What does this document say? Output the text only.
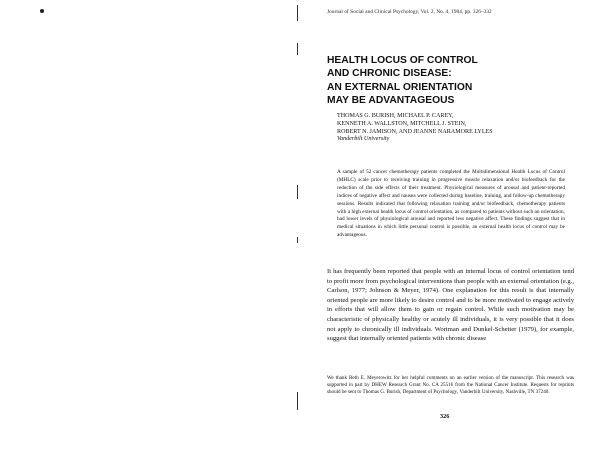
Journal of Social and Clinical Psychology, Vol. 2, No. 4, 1984, pp. 326–332
HEALTH LOCUS OF CONTROL
AND CHRONIC DISEASE:
AN EXTERNAL ORIENTATION
MAY BE ADVANTAGEOUS
THOMAS G. BURISH, MICHAEL P. CAREY,
KENNETH A. WALLSTON, MITCHELL J. STEIN,
ROBERT N. JAMISON, AND JEANNE NARAMORE LYLES
Vanderbilt University

A sample of 52 cancer chemotherapy patients completed the Multidimensional Health Locus of Control (MHLC) scale prior to receiving training in progressive muscle relaxation and/or biofeedback for the reduction of the side effects of their treatment. Physiological measures of arousal and patient-reported indices of negative affect and nausea were collected during baseline, training, and follow-up chemotherapy sessions. Results indicated that following relaxation training and/or biofeedback, chemotherapy patients with a high external health locus of control orientation, as compared to patients without such an orientation, had lower levels of physiological arousal and reported less negative affect. These findings suggest that in medical situations in which little personal control is possible, an external health locus of control may be advantageous.

It has frequently been reported that people with an internal locus of control orientation tend to profit more from psychological interventions than people with an external orientation (e.g., Carlson, 1977; Johnson & Meyer, 1974). One explanation for this result is that internally oriented people are more likely to desire control and to be more motivated to engage actively in efforts that will allow them to gain or regain control. While such motivation may be characteristic of physically healthy or acutely ill individuals, it is very possible that it does not apply to chronically ill individuals. Wortman and Dunkel-Schetter (1979), for example, suggest that internally oriented patients with chronic disease

We thank Beth E. Meyerowitz for her helpful comments on an earlier version of the manuscript. This research was supported in part by DHEW Research Grant No. CA 25516 from the National Cancer Institute. Requests for reprints should be sent to Thomas G. Burish, Department of Psychology, Vanderbilt University, Nashville, TN 37240.

326
